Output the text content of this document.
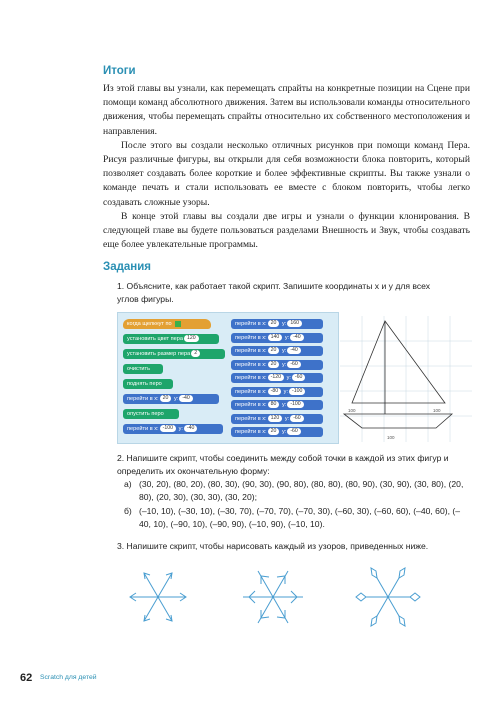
Итоги

Из этой главы вы узнали, как перемещать спрайты на конкретные позиции на Сцене при помощи команд абсолютного движения. Затем вы использовали команды относительного движения, чтобы перемещать спрайты относительно их собственного местоположения и направления.

После этого вы создали несколько отличных рисунков при помощи команд Пера. Рисуя различные фигуры, вы открыли для себя возможности блока повторить, который позволяет создавать более короткие и более эффективные скрипты. Вы также узнали о команде печать и стали использовать ее вместе с блоком повторить, чтобы легко создавать сложные узоры.

В конце этой главы вы создали две игры и узнали о функции клонирования. В следующей главе вы будете пользоваться разделами Внешность и Звук, чтобы создавать еще более увлекательные программы.

Задания
1. Объясните, как работает такой скрипт. Запишите координаты x и y для всех углов фигуры.
когда щелкнут по
установить цвет пера 120
установить размер пера 2
очистить
поднять перо
перейти в x: 20 y: -40
опустить перо
перейти в x: -100 y: -40
перейти в x: 20 y: 160
перейти в x: 140 y: -40
перейти в x: 20 y: -40
перейти в x: 20 y: -60
перейти в x: -120 y: -60
перейти в x: -80 y: -100
перейти в x: 80 y: -100
перейти в x: 120 y: -60
перейти в x: 20 y: -60
100	100
100
2. Напишите скрипт, чтобы соединить между собой точки в каждой из этих фигур и определить их окончательную форму:
а) (30, 20), (80, 20), (80, 30), (90, 30), (90, 80), (80, 80), (80, 90), (30, 90), (30, 80), (20, 80), (20, 30), (30, 30), (30, 20);
б) (–10, 10), (–30, 10), (–30, 70), (–70, 70), (–70, 30), (–60, 30), (–60, 60), (–40, 60), (–40, 10), (–90, 10), (–90, 90), (–10, 90), (–10, 10).
3. Напишите скрипт, чтобы нарисовать каждый из узоров, приведенных ниже.
62 Scratch для детей
